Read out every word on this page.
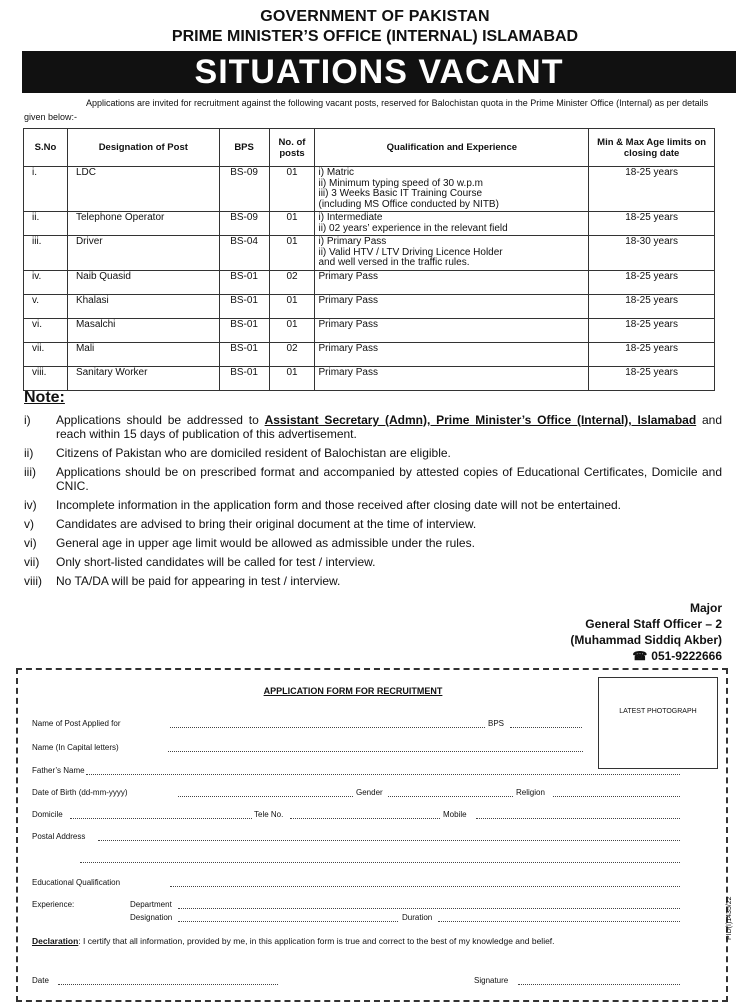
GOVERNMENT OF PAKISTAN
PRIME MINISTER’S OFFICE (INTERNAL) ISLAMABAD
SITUATIONS VACANT
Applications are invited for recruitment against the following vacant posts, reserved for Balochistan quota in the Prime Minister Office (Internal) as per details given below:-
S.No	Designation of Post	BPS	No. of posts	Qualification and Experience	Min & Max Age limits on closing date
i.	LDC	BS-09	01	i) Matric
ii) Minimum typing speed of 30 w.p.m
iii) 3 Weeks Basic IT Training Course
(including MS Office conducted by NITB)	18-25 years
ii.	Telephone Operator	BS-09	01	i) Intermediate
ii) 02 years’ experience in the relevant field	18-25 years
iii.	Driver	BS-04	01	i) Primary Pass
ii) Valid HTV / LTV Driving Licence Holder
and well versed in the traffic rules.	18-30 years
iv.	Naib Quasid	BS-01	02	Primary Pass	18-25 years
v.	Khalasi	BS-01	01	Primary Pass	18-25 years
vi.	Masalchi	BS-01	01	Primary Pass	18-25 years
vii.	Mali	BS-01	02	Primary Pass	18-25 years
viii.	Sanitary Worker	BS-01	01	Primary Pass	18-25 years
Note:
i) Applications should be addressed to Assistant Secretary (Admn), Prime Minister’s Office (Internal), Islamabad and reach within 15 days of publication of this advertisement.
ii) Citizens of Pakistan who are domiciled resident of Balochistan are eligible.
iii) Applications should be on prescribed format and accompanied by attested copies of Educational Certificates, Domicile and CNIC.
iv) Incomplete information in the application form and those received after closing date will not be entertained.
v) Candidates are advised to bring their original document at the time of interview.
vi) General age in upper age limit would be allowed as admissible under the rules.
vii) Only short-listed candidates will be called for test / interview.
viii) No TA/DA will be paid for appearing in test / interview.
Major
General Staff Officer – 2
(Muhammad Siddiq Akber)
☎ 051-9222666
APPLICATION FORM FOR RECRUITMENT
LATEST PHOTOGRAPH
Name of Post Applied for	BPS
Name (In Capital letters)
Father’s Name
Date of Birth (dd-mm-yyyy)	Gender	Religion
Domicile	Tele No.	Mobile
Postal Address
Educational Qualification
Experience:	Department
Designation	Duration
Declaration: I certify that all information, provided by me, in this application form is true and correct to the best of my knowledge and belief.
Date	Signature
PID(I)1435/22
